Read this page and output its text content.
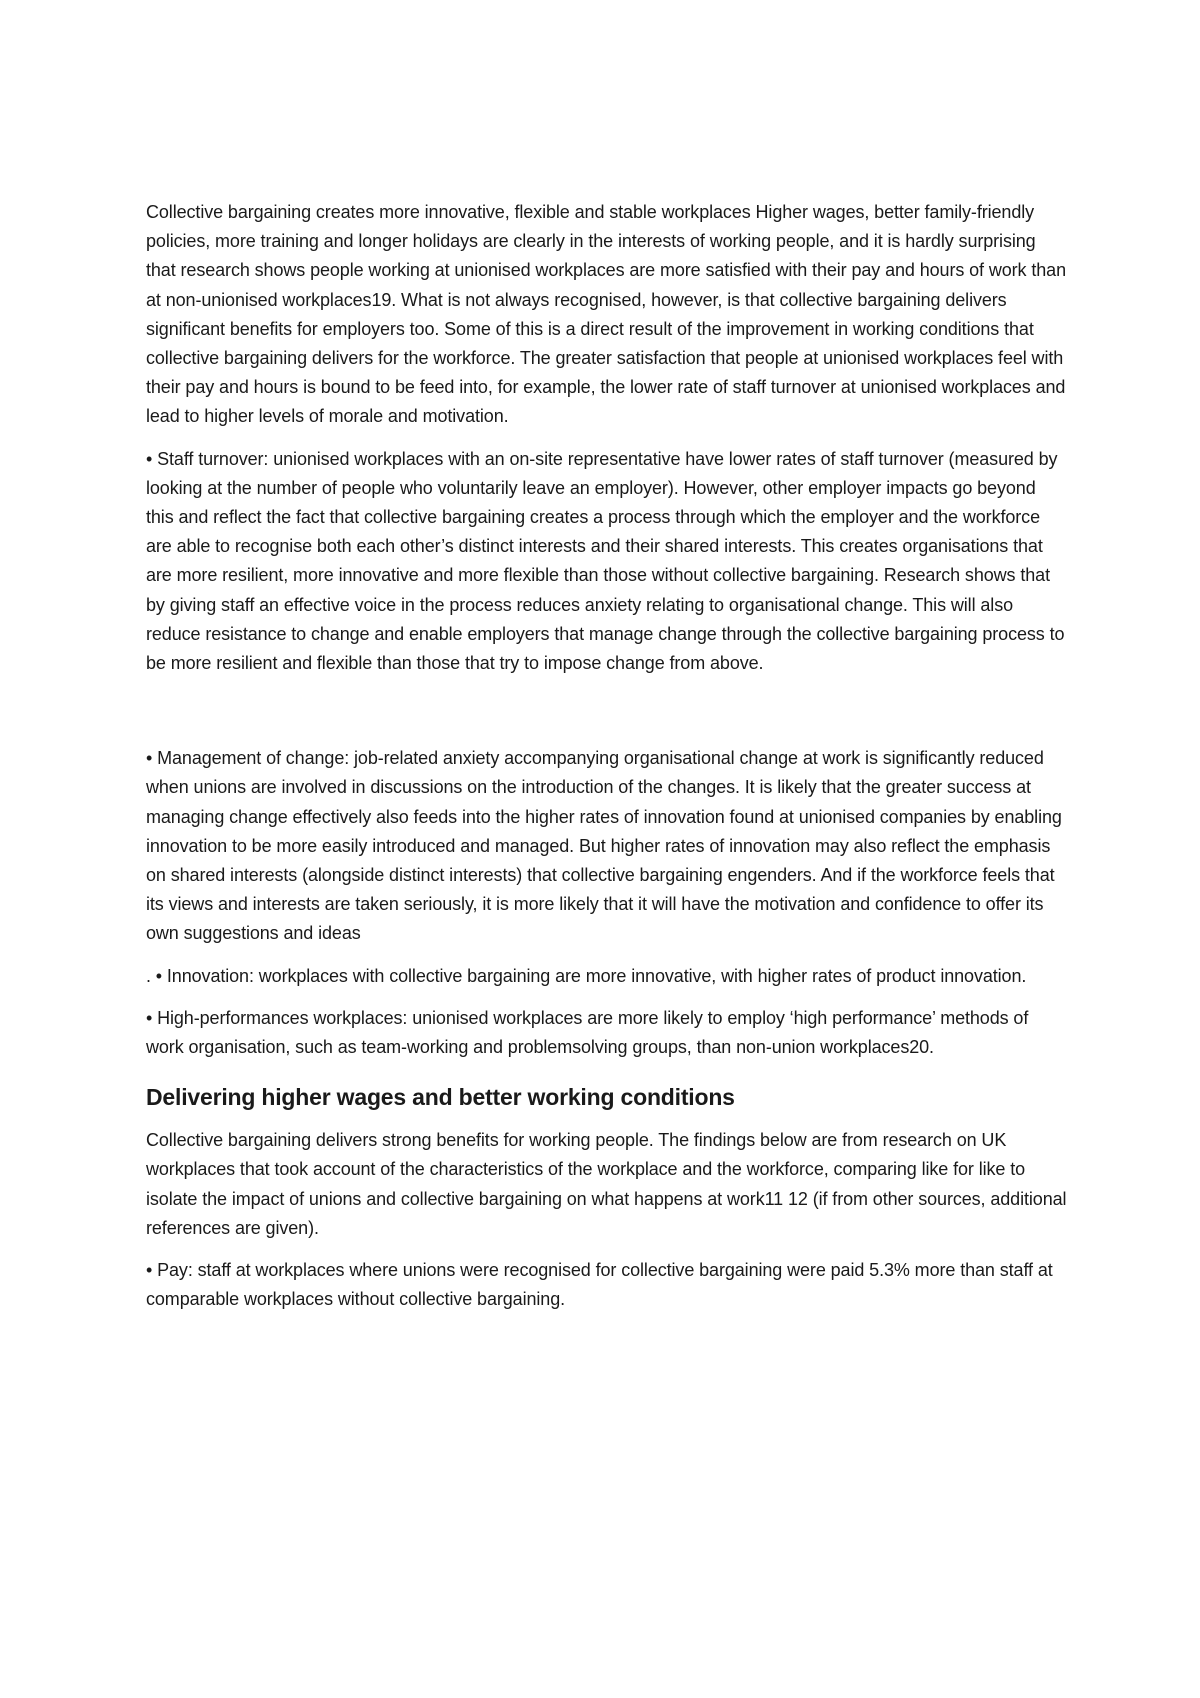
Collective bargaining creates more innovative, flexible and stable workplaces Higher wages, better family-friendly policies, more training and longer holidays are clearly in the interests of working people, and it is hardly surprising that research shows people working at unionised workplaces are more satisfied with their pay and hours of work than at non-unionised workplaces19. What is not always recognised, however, is that collective bargaining delivers significant benefits for employers too. Some of this is a direct result of the improvement in working conditions that collective bargaining delivers for the workforce. The greater satisfaction that people at unionised workplaces feel with their pay and hours is bound to be feed into, for example, the lower rate of staff turnover at unionised workplaces and lead to higher levels of morale and motivation.

• Staff turnover: unionised workplaces with an on-site representative have lower rates of staff turnover (measured by looking at the number of people who voluntarily leave an employer). However, other employer impacts go beyond this and reflect the fact that collective bargaining creates a process through which the employer and the workforce are able to recognise both each other’s distinct interests and their shared interests. This creates organisations that are more resilient, more innovative and more flexible than those without collective bargaining. Research shows that by giving staff an effective voice in the process reduces anxiety relating to organisational change. This will also reduce resistance to change and enable employers that manage change through the collective bargaining process to be more resilient and flexible than those that try to impose change from above.

• Management of change: job-related anxiety accompanying organisational change at work is significantly reduced when unions are involved in discussions on the introduction of the changes. It is likely that the greater success at managing change effectively also feeds into the higher rates of innovation found at unionised companies by enabling innovation to be more easily introduced and managed. But higher rates of innovation may also reflect the emphasis on shared interests (alongside distinct interests) that collective bargaining engenders. And if the workforce feels that its views and interests are taken seriously, it is more likely that it will have the motivation and confidence to offer its own suggestions and ideas

. • Innovation: workplaces with collective bargaining are more innovative, with higher rates of product innovation.

• High-performances workplaces: unionised workplaces are more likely to employ ‘high performance’ methods of work organisation, such as team-working and problemsolving groups, than non-union workplaces20.

Delivering higher wages and better working conditions

Collective bargaining delivers strong benefits for working people. The findings below are from research on UK workplaces that took account of the characteristics of the workplace and the workforce, comparing like for like to isolate the impact of unions and collective bargaining on what happens at work11 12 (if from other sources, additional references are given).

• Pay: staff at workplaces where unions were recognised for collective bargaining were paid 5.3% more than staff at comparable workplaces without collective bargaining.
